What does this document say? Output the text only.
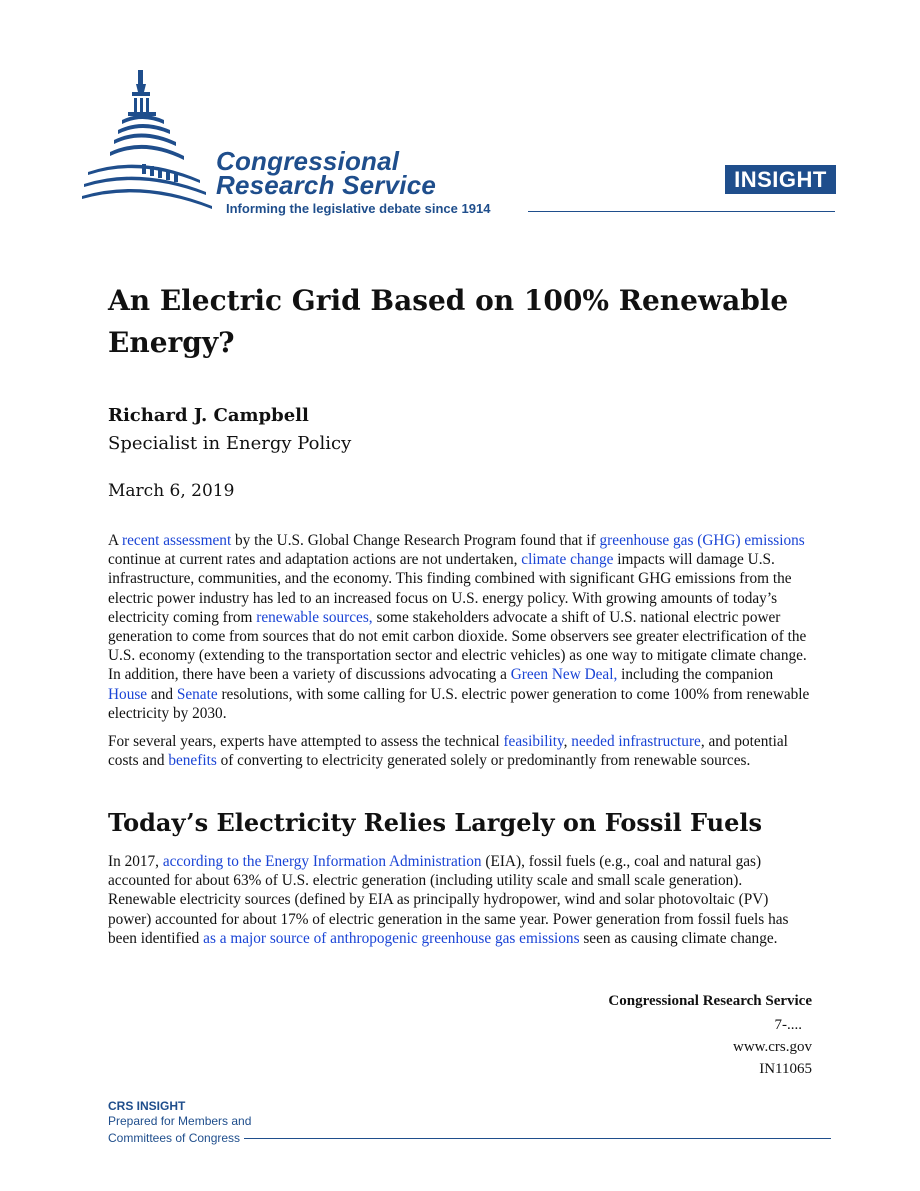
Congressional
Research Service
Informing the legislative debate since 1914
INSIGHT
An Electric Grid Based on 100% Renewable Energy?

Richard J. Campbell

Specialist in Energy Policy

March 6, 2019

A recent assessment by the U.S. Global Change Research Program found that if greenhouse gas (GHG) emissions continue at current rates and adaptation actions are not undertaken, climate change impacts will damage U.S. infrastructure, communities, and the economy. This finding combined with significant GHG emissions from the electric power industry has led to an increased focus on U.S. energy policy. With growing amounts of today’s electricity coming from renewable sources, some stakeholders advocate a shift of U.S. national electric power generation to come from sources that do not emit carbon dioxide. Some observers see greater electrification of the U.S. economy (extending to the transportation sector and electric vehicles) as one way to mitigate climate change. In addition, there have been a variety of discussions advocating a Green New Deal, including the companion House and Senate resolutions, with some calling for U.S. electric power generation to come 100% from renewable electricity by 2030.

For several years, experts have attempted to assess the technical feasibility, needed infrastructure, and potential costs and benefits of converting to electricity generated solely or predominantly from renewable sources.

Today’s Electricity Relies Largely on Fossil Fuels

In 2017, according to the Energy Information Administration (EIA), fossil fuels (e.g., coal and natural gas) accounted for about 63% of U.S. electric generation (including utility scale and small scale generation). Renewable electricity sources (defined by EIA as principally hydropower, wind and solar photovoltaic (PV) power) accounted for about 17% of electric generation in the same year. Power generation from fossil fuels has been identified as a major source of anthropogenic greenhouse gas emissions seen as causing climate change.

Congressional Research Service

7-....

www.crs.gov

IN11065

CRS INSIGHT

Prepared for Members and

Committees of Congress
